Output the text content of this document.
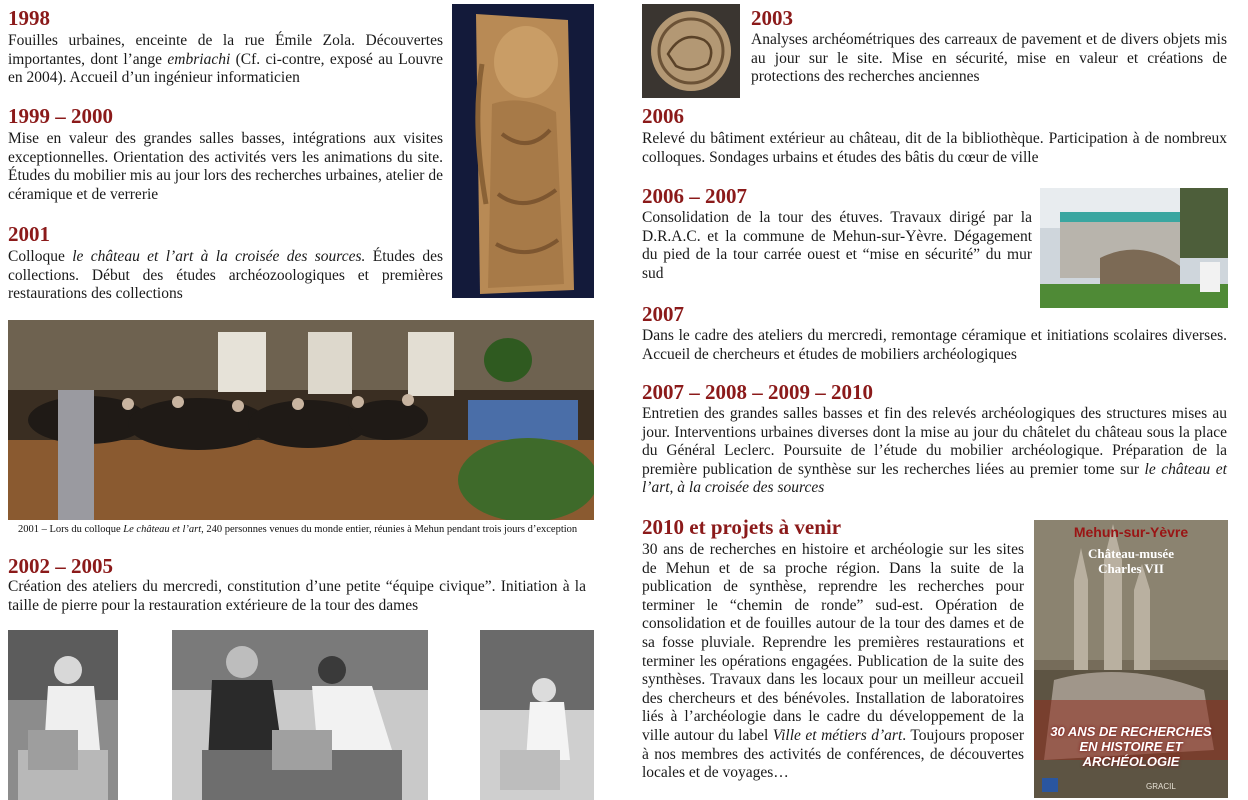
1998

Fouilles urbaines, enceinte de la rue Émile Zola. Découvertes importantes, dont l’ange embriachi (Cf. ci-contre, exposé au Louvre en 2004). Accueil d’un ingénieur informaticien

1999 – 2000

Mise en valeur des grandes salles basses, intégrations aux visites exceptionnelles. Orientation des activités vers les animations du site. Études du mobilier mis au jour lors des recherches urbaines, atelier de céramique et de verrerie

2001

Colloque le château et l’art à la croisée des sources. Études des collections. Début des études archéozoologiques et premières restaurations des collections

2001 – Lors du colloque Le château et l’art, 240 personnes venues du monde entier, réunies à Mehun pendant trois jours d’exception
2002 – 2005

Création des ateliers du mercredi, constitution d’une petite “équipe civique”. Initiation à la taille de pierre pour la restauration extérieure de la tour des dames

2003

Analyses archéométriques des carreaux de pavement et de divers objets mis au jour sur le site. Mise en sécurité, mise en valeur et créations de protections des recherches anciennes

2006

Relevé du bâtiment extérieur au château, dit de la bibliothèque. Participation à de nombreux colloques. Sondages urbains et études des bâtis du cœur de ville

2006 – 2007

Consolidation de la tour des étuves. Travaux dirigé par la D.R.A.C. et la commune de Mehun-sur-Yèvre. Dégagement du pied de la tour carrée ouest et “mise en sécurité” du mur sud

2007

Dans le cadre des ateliers du mercredi, remontage céramique et initiations scolaires diverses. Accueil de chercheurs et études de mobiliers archéologiques

2007 – 2008 – 2009 – 2010

Entretien des grandes salles basses et fin des relevés archéologiques des structures mises au jour. Interventions urbaines diverses dont la mise au jour du châtelet du château sous la place du Général Leclerc. Poursuite de l’étude du mobilier archéologique. Préparation de la première publication de synthèse sur les recherches liées au premier tome sur le château et l’art, à la croisée des sources

2010 et projets à venir

30 ans de recherches en histoire et archéologie sur les sites de Mehun et de sa proche région. Dans la suite de la publication de synthèse, reprendre les recherches pour terminer le “chemin de ronde” sud-est. Opération de consolidation et de fouilles autour de la tour des dames et de sa fosse pluviale. Reprendre les premières restaurations et terminer les opérations engagées. Publication de la suite des synthèses. Travaux dans les locaux pour un meilleur accueil des chercheurs et des bénévoles. Installation de laboratoires liés à l’archéologie dans le cadre du développement de la ville autour du label Ville et métiers d’art. Toujours proposer à nos membres des activités de conférences, de découvertes locales et de voyages…

Mehun-sur-Yèvre
Château-musée
Charles VII
30 ANS DE RECHERCHES
EN HISTOIRE ET ARCHÉOLOGIE
GRACIL
